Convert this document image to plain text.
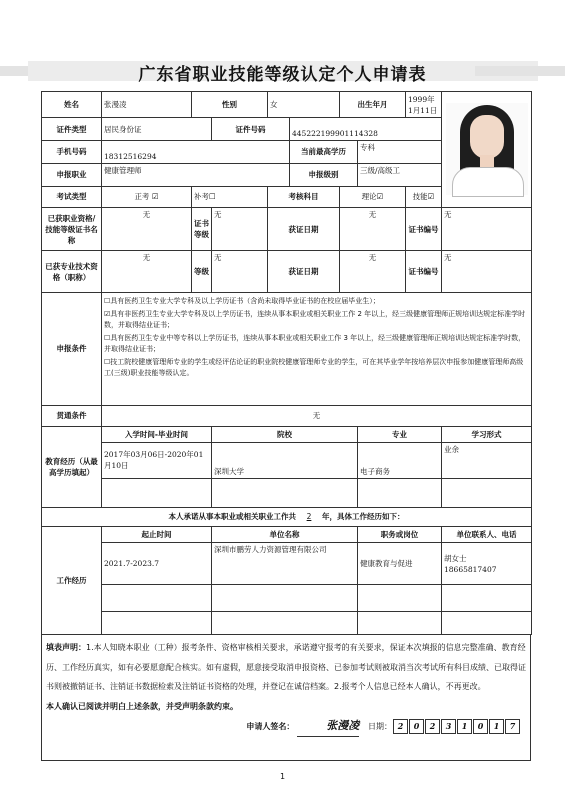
广东省职业技能等级认定个人申请表
姓名	张漫凌	性别		女		出生年月		1999年1月11日	

证件类型	居民身份证		证件号码		445222199901114328				
手机号码	18312516294				当前最高学历		专科		
申报职业	健康管理师				申报级别		三级/高级工		
考试类型	正考 ☑	补考☐		考核科目		理论☑		技能☑	
已获职业资格/技能等级证书名称	无	证书等级	无	获证日期		无		证书编号	无
已获专业技术资格（职称）	无	等级	无	获证日期		无		证书编号	无
申报条件	☐具有医药卫生专业大学专科及以上学历证书（含尚未取得毕业证书的在校应届毕业生）；

☑具有非医药卫生专业大学专科及以上学历证书，连续从事本职业或相关职业工作 2 年以上，经三级健康管理师正规培训达规定标准学时数，并取得结业证书；

☐具有医药卫生专业中等专科以上学历证书，连续从事本职业或相关职业工作 3 年以上，经三级健康管理师正规培训达规定标准学时数，并取得结业证书；

☐技工院校健康管理师专业的学生或经评估论证的职业院校健康管理师专业的学生，可在其毕业学年按培养层次申报参加健康管理师高级工(三级)职业技能等级认定。								

贯通条件	无								
教育经历（从最高学历填起）	入学时间-毕业时间		院校				专业		学习形式
	2017年03月06日-2020年01月10日		深圳大学				电子商务		业余

本人承诺从事本职业或相关职业工作共 2 年，具体工作经历如下：									
工作经历	起止时间		单位名称				职务或岗位		单位联系人、电话
	2021.7-2023.7		深圳市鹏劳人力资源管理有限公司				健康教育与促进		胡女士
18665817407

填表声明：1.本人知晓本职业（工种）报考条件、资格审核相关要求，承诺遵守报考的有关要求，保证本次填报的信息完整准确、教育经历、工作经历真实，如有必要愿意配合核实。如有虚假，愿意接受取消申报资格、已参加考试则被取消当次考试所有科目成绩、已取得证书则被撤销证书、注销证书数据检索及注销证书资格的处理，并登记在诚信档案。2.报考个人信息已经本人确认，不再更改。

本人确认已阅读并明白上述条款，并受声明条款约束。

申请人签名：	张漫凌 日期： 2 0 2 3 1 0 1 7

1
